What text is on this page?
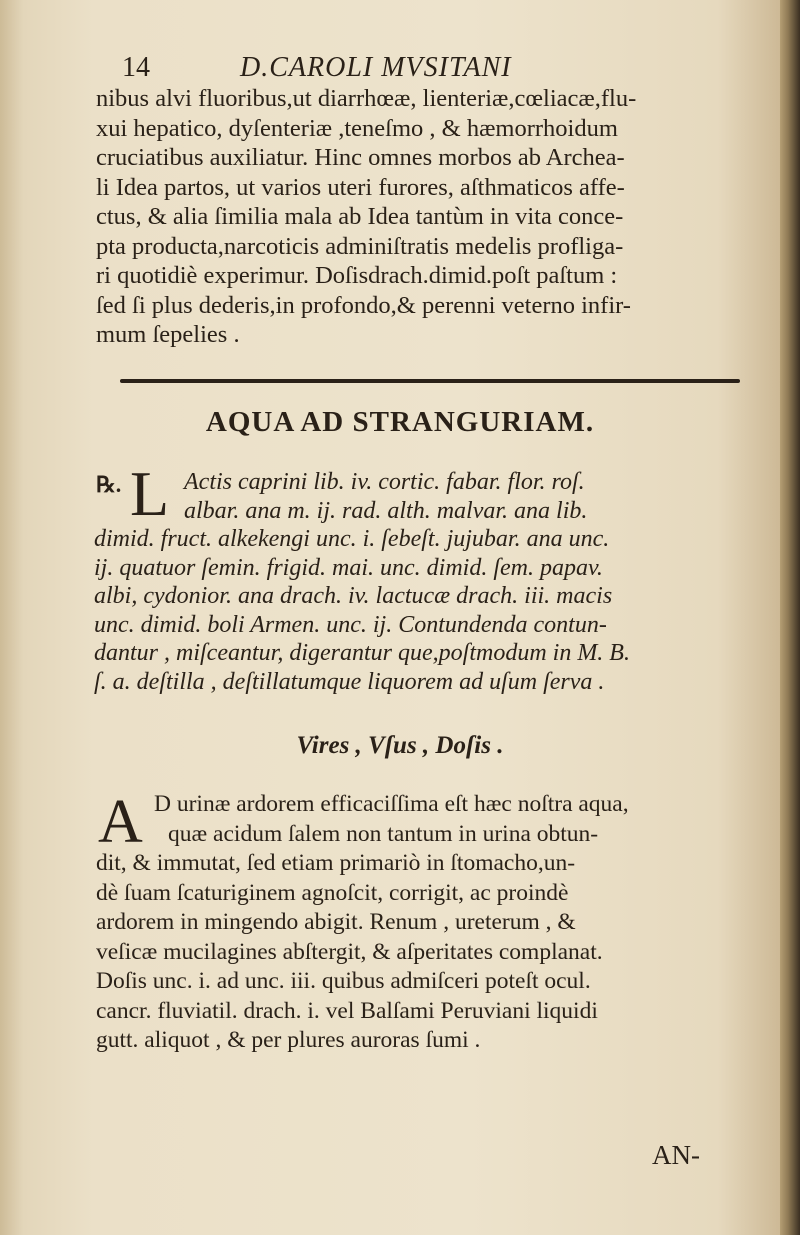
14	D.CAROLI MVSITANI

nibus alvi fluoribus,ut diarrhœæ, lienteriæ,cœliacæ,flu-
xui hepatico, dyſenteriæ ,teneſmo , & hæmorrhoidum
cruciatibus auxiliatur. Hinc omnes morbos ab Archea-
li Idea partos, ut varios uteri furores, aſthmaticos affe-
ctus, & alia ſimilia mala ab Idea tantùm in vita conce-
pta producta,narcoticis adminiſtratis medelis profliga-
ri quotidiè experimur. Doſisdrach.dimid.poſt paſtum :
ſed ſi plus dederis,in profondo,& perenni veterno infir-
mum ſepelies .

AQUA AD STRANGURIAM.
℞. L Actis caprini lib. iv. cortic. fabar. flor. roſ.
albar. ana m. ij. rad. alth. malvar. ana lib.
dimid. fruct. alkekengi unc. i. ſebeſt. jujubar. ana unc.
ij. quatuor ſemin. frigid. mai. unc. dimid. ſem. papav.
albi, cydonior. ana drach. iv. lactucæ drach. iii. macis
unc. dimid. boli Armen. unc. ij. Contundenda contun-
dantur , miſceantur, digerantur que,poſtmodum in M. B.
ſ. a. deſtilla , deſtillatumque liquorem ad uſum ſerva .

Vires , Vſus , Doſis .
A D urinæ ardorem efficaciſſima eſt hæc noſtra aqua,
quæ acidum ſalem non tantum in urina obtun-
dit, & immutat, ſed etiam primariò in ſtomacho,un-
dè ſuam ſcaturiginem agnoſcit, corrigit, ac proindè
ardorem in mingendo abigit. Renum , ureterum , &
veſicæ mucilagines abſtergit, & aſperitates complanat.
Doſis unc. i. ad unc. iii. quibus admiſceri poteſt ocul.
cancr. fluviatil. drach. i. vel Balſami Peruviani liquidi
gutt. aliquot , & per plures auroras ſumi .

AN-
